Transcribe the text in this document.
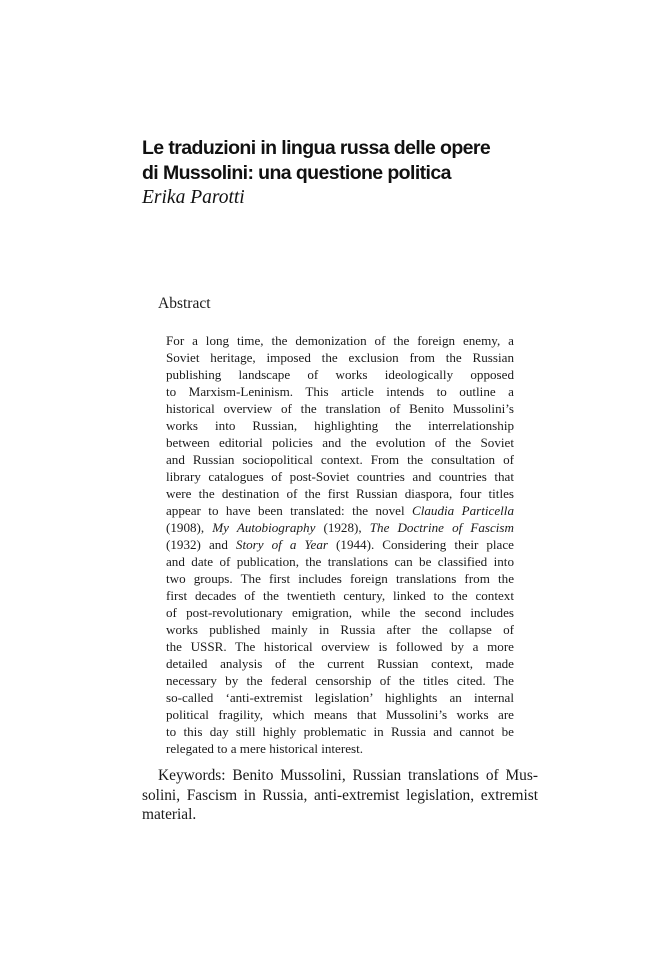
Le traduzioni in lingua russa delle opere
di Mussolini: una questione politica

Erika Parotti

Abstract
For a long time, the demonization of the foreign enemy, a
Soviet heritage, imposed the exclusion from the Russian
publishing landscape of works ideologically opposed
to Marxism-Leninism. This article intends to outline a
historical overview of the translation of Benito Mussolini’s
works into Russian, highlighting the interrelationship
between editorial policies and the evolution of the Soviet
and Russian sociopolitical context. From the consultation of
library catalogues of post-Soviet countries and countries that
were the destination of the first Russian diaspora, four titles
appear to have been translated: the novel Claudia Particella
(1908), My Autobiography (1928), The Doctrine of Fascism
(1932) and Story of a Year (1944). Considering their place
and date of publication, the translations can be classified into
two groups. The first includes foreign translations from the
first decades of the twentieth century, linked to the context
of post-revolutionary emigration, while the second includes
works published mainly in Russia after the collapse of
the USSR. The historical overview is followed by a more
detailed analysis of the current Russian context, made
necessary by the federal censorship of the titles cited. The
so-called ‘anti-extremist legislation’ highlights an internal
political fragility, which means that Mussolini’s works are
to this day still highly problematic in Russia and cannot be
relegated to a mere historical interest.
Keywords: Benito Mussolini, Russian translations of Mus-
solini, Fascism in Russia, anti-extremist legislation, extremist
material.
